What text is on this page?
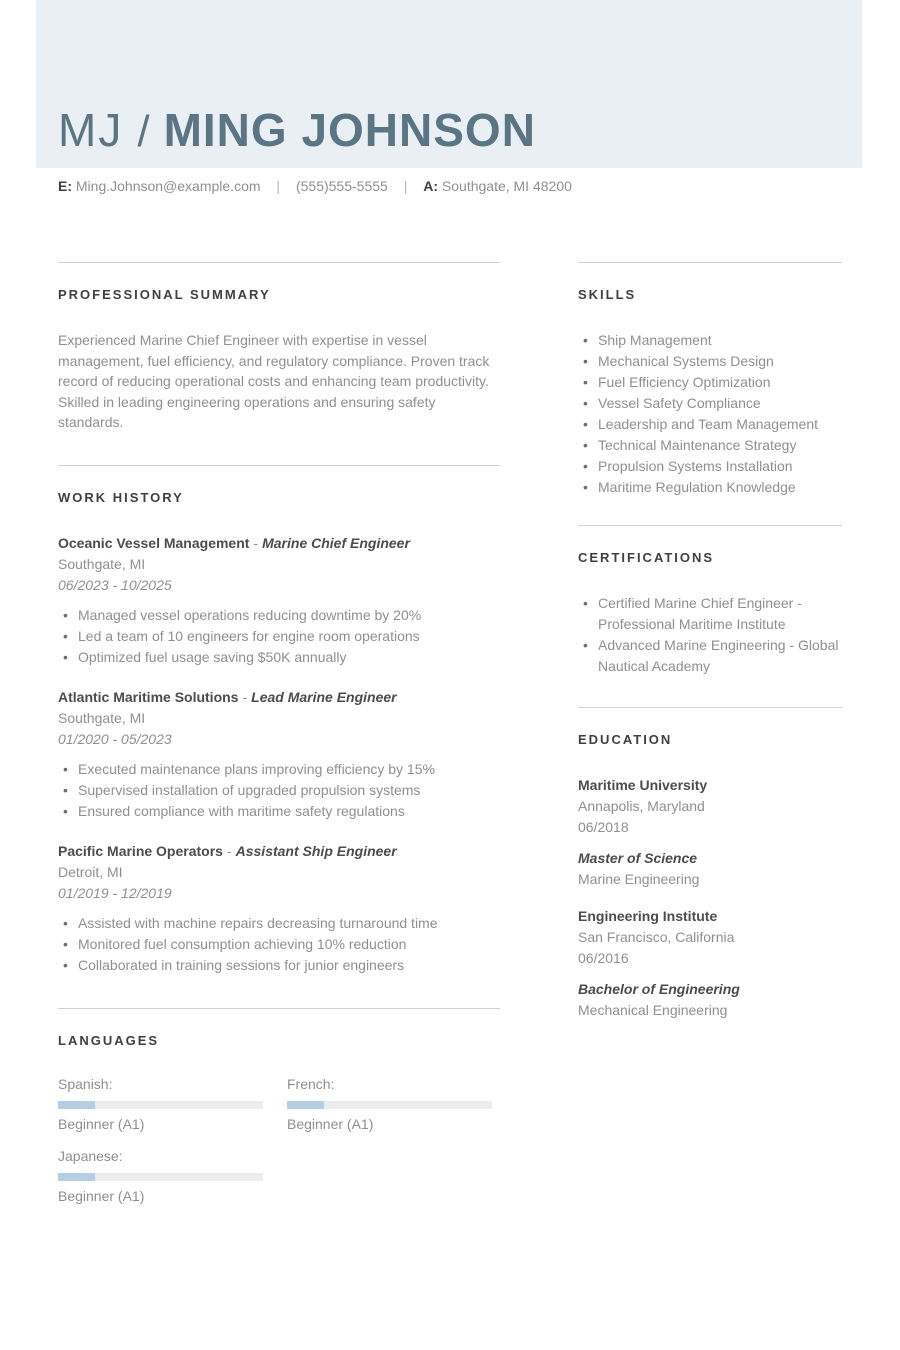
MJ / MING JOHNSON
E: Ming.Johnson@example.com | (555)555-5555 | A: Southgate, MI 48200
PROFESSIONAL SUMMARY

Experienced Marine Chief Engineer with expertise in vessel management, fuel efficiency, and regulatory compliance. Proven track record of reducing operational costs and enhancing team productivity. Skilled in leading engineering operations and ensuring safety standards.

WORK HISTORY
Oceanic Vessel Management - Marine Chief Engineer
Southgate, MI
06/2023 - 10/2025
• Managed vessel operations reducing downtime by 20%
• Led a team of 10 engineers for engine room operations
• Optimized fuel usage saving $50K annually
Atlantic Maritime Solutions - Lead Marine Engineer
Southgate, MI
01/2020 - 05/2023
• Executed maintenance plans improving efficiency by 15%
• Supervised installation of upgraded propulsion systems
• Ensured compliance with maritime safety regulations
Pacific Marine Operators - Assistant Ship Engineer
Detroit, MI
01/2019 - 12/2019
• Assisted with machine repairs decreasing turnaround time
• Monitored fuel consumption achieving 10% reduction
• Collaborated in training sessions for junior engineers
LANGUAGES
Spanish:
Beginner (A1)
French:
Beginner (A1)
Japanese:
Beginner (A1)
SKILLS
• Ship Management
• Mechanical Systems Design
• Fuel Efficiency Optimization
• Vessel Safety Compliance
• Leadership and Team Management
• Technical Maintenance Strategy
• Propulsion Systems Installation
• Maritime Regulation Knowledge
CERTIFICATIONS
• Certified Marine Chief Engineer - Professional Maritime Institute
• Advanced Marine Engineering - Global Nautical Academy
EDUCATION
Maritime University
Annapolis, Maryland
06/2018
Master of Science
Marine Engineering
Engineering Institute
San Francisco, California
06/2016
Bachelor of Engineering
Mechanical Engineering
